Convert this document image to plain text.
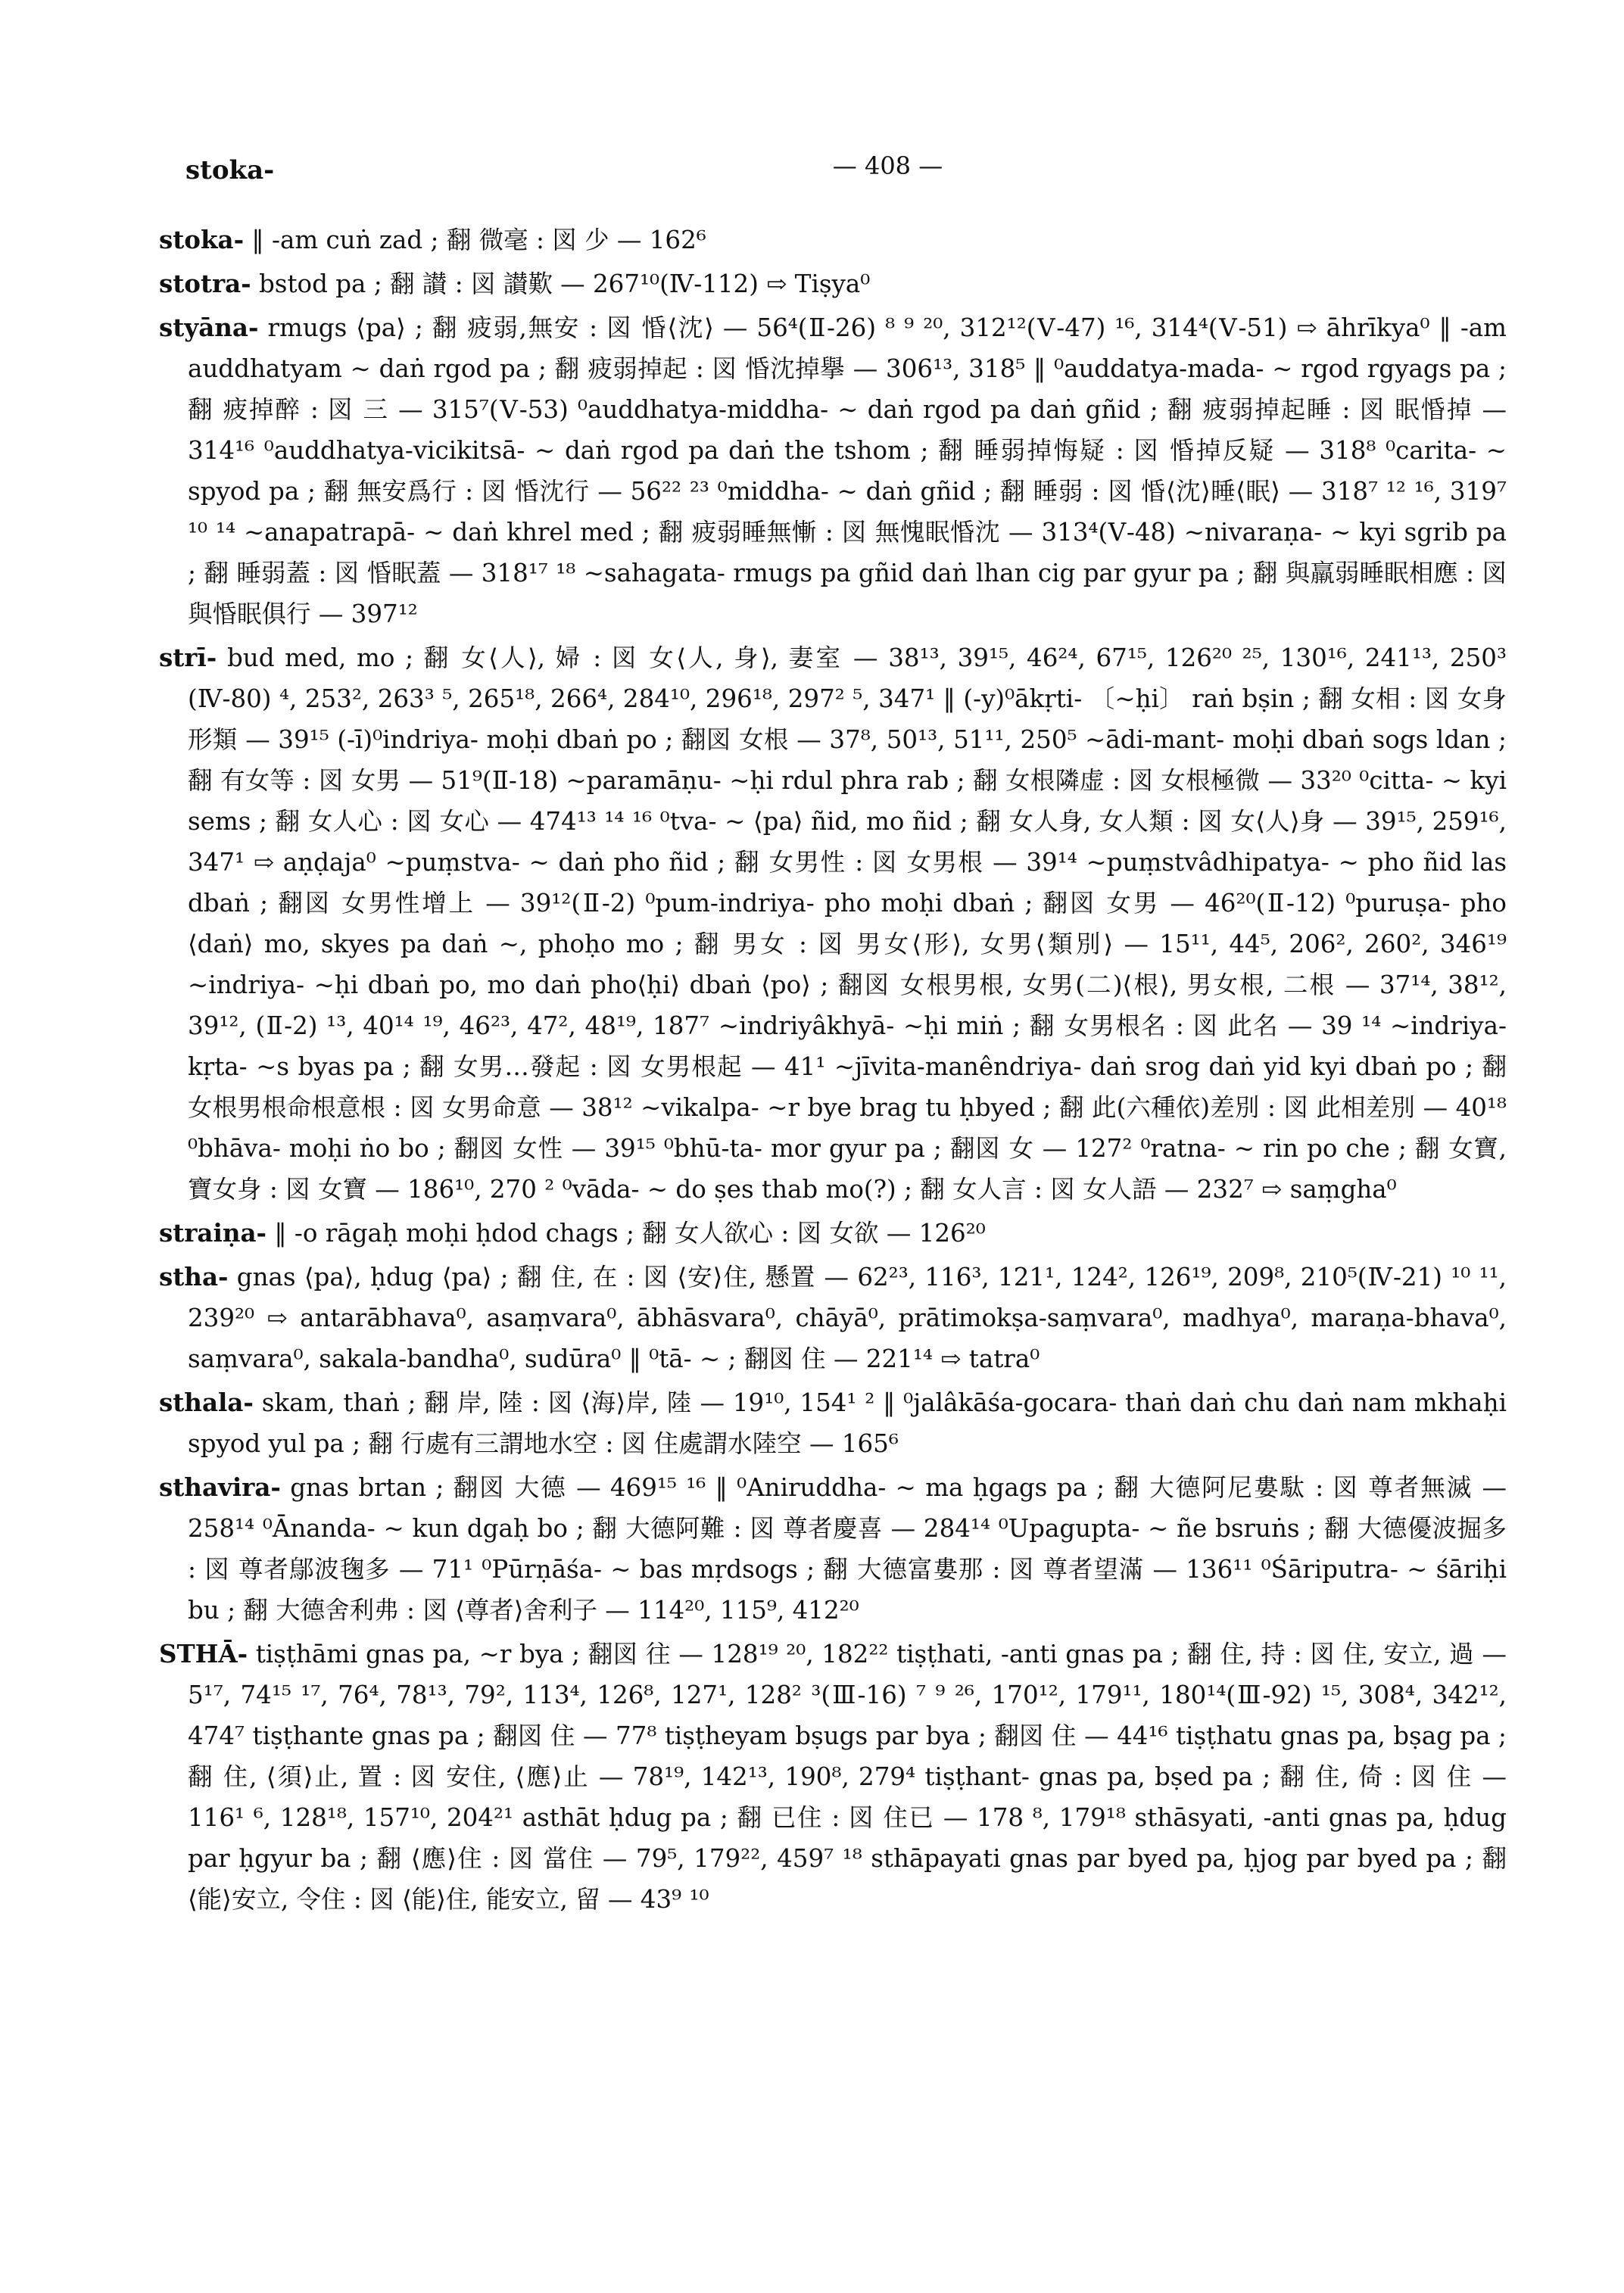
stoka-	— 408 —

stoka- ‖ -am cuṅ zad ; 翻 微毫 : 図 少 — 162⁶

stotra- bstod pa ; 翻 讃 : 図 讃歎 — 267¹⁰(Ⅳ-112) ⇨ Tiṣya⁰

styāna- rmugs ⟨pa⟩ ; 翻 疲弱,無安 : 図 惛⟨沈⟩ — 56⁴(Ⅱ-26) ⁸ ⁹ ²⁰, 312¹²(Ⅴ-47) ¹⁶, 314⁴(Ⅴ-51) ⇨ āhrīkya⁰ ‖ -am auddhatyam ∼ daṅ rgod pa ; 翻 疲弱掉起 : 図 惛沈掉擧 — 306¹³, 318⁵ ‖ ⁰auddatya-mada- ∼ rgod rgyags pa ; 翻 疲掉醉 : 図 三 — 315⁷(Ⅴ-53) ⁰auddhatya-middha- ∼ daṅ rgod pa daṅ gñid ; 翻 疲弱掉起睡 : 図 眠惛掉 — 314¹⁶ ⁰auddhatya-vicikitsā- ∼ daṅ rgod pa daṅ the tshom ; 翻 睡弱掉悔疑 : 図 惛掉反疑 — 318⁸ ⁰carita- ∼ spyod pa ; 翻 無安爲行 : 図 惛沈行 — 56²² ²³ ⁰middha- ∼ daṅ gñid ; 翻 睡弱 : 図 惛⟨沈⟩睡⟨眠⟩ — 318⁷ ¹² ¹⁶, 319⁷ ¹⁰ ¹⁴ ∼anapatrapā- ∼ daṅ khrel med ; 翻 疲弱睡無慚 : 図 無愧眠惛沈 — 313⁴(Ⅴ-48) ∼nivaraṇa- ∼ kyi sgrib pa ; 翻 睡弱蓋 : 図 惛眠蓋 — 318¹⁷ ¹⁸ ∼sahagata- rmugs pa gñid daṅ lhan cig par gyur pa ; 翻 與羸弱睡眠相應 : 図 與惛眠俱行 — 397¹²

strī- bud med, mo ; 翻 女⟨人⟩, 婦 : 図 女⟨人, 身⟩, 妻室 — 38¹³, 39¹⁵, 46²⁴, 67¹⁵, 126²⁰ ²⁵, 130¹⁶, 241¹³, 250³ (Ⅳ-80) ⁴, 253², 263³ ⁵, 265¹⁸, 266⁴, 284¹⁰, 296¹⁸, 297² ⁵, 347¹ ‖ (-y)⁰ākṛti- 〔∼ḥi〕 raṅ bṣin ; 翻 女相 : 図 女身形類 — 39¹⁵ (-ī)⁰indriya- moḥi dbaṅ po ; 翻図 女根 — 37⁸, 50¹³, 51¹¹, 250⁵ ∼ādi-mant- moḥi dbaṅ sogs ldan ; 翻 有女等 : 図 女男 — 51⁹(Ⅱ-18) ∼paramāṇu- ∼ḥi rdul phra rab ; 翻 女根隣虚 : 図 女根極微 — 33²⁰ ⁰citta- ∼ kyi sems ; 翻 女人心 : 図 女心 — 474¹³ ¹⁴ ¹⁶ ⁰tva- ∼ ⟨pa⟩ ñid, mo ñid ; 翻 女人身, 女人類 : 図 女⟨人⟩身 — 39¹⁵, 259¹⁶, 347¹ ⇨ aṇḍaja⁰ ∼puṃstva- ∼ daṅ pho ñid ; 翻 女男性 : 図 女男根 — 39¹⁴ ∼puṃstvâdhipatya- ∼ pho ñid las dbaṅ ; 翻図 女男性增上 — 39¹²(Ⅱ-2) ⁰pum-indriya- pho moḥi dbaṅ ; 翻図 女男 — 46²⁰(Ⅱ-12) ⁰puruṣa- pho ⟨daṅ⟩ mo, skyes pa daṅ ∼, phoḥo mo ; 翻 男女 : 図 男女⟨形⟩, 女男⟨類別⟩ — 15¹¹, 44⁵, 206², 260², 346¹⁹ ∼indriya- ∼ḥi dbaṅ po, mo daṅ pho⟨ḥi⟩ dbaṅ ⟨po⟩ ; 翻図 女根男根, 女男(二)⟨根⟩, 男女根, 二根 — 37¹⁴, 38¹², 39¹², (Ⅱ-2) ¹³, 40¹⁴ ¹⁹, 46²³, 47², 48¹⁹, 187⁷ ∼indriyâkhyā- ∼ḥi miṅ ; 翻 女男根名 : 図 此名 — 39 ¹⁴ ∼indriya-kṛta- ∼s byas pa ; 翻 女男…發起 : 図 女男根起 — 41¹ ∼jīvita-manêndriya- daṅ srog daṅ yid kyi dbaṅ po ; 翻 女根男根命根意根 : 図 女男命意 — 38¹² ∼vikalpa- ∼r bye brag tu ḥbyed ; 翻 此(六種依)差別 : 図 此相差別 — 40¹⁸ ⁰bhāva- moḥi ṅo bo ; 翻図 女性 — 39¹⁵ ⁰bhū-ta- mor gyur pa ; 翻図 女 — 127² ⁰ratna- ∼ rin po che ; 翻 女寶, 寶女身 : 図 女寶 — 186¹⁰, 270 ² ⁰vāda- ∼ do ṣes thab mo(?) ; 翻 女人言 : 図 女人語 — 232⁷ ⇨ saṃgha⁰

straiṇa- ‖ -o rāgaḥ moḥi ḥdod chags ; 翻 女人欲心 : 図 女欲 — 126²⁰

stha- gnas ⟨pa⟩, ḥdug ⟨pa⟩ ; 翻 住, 在 : 図 ⟨安⟩住, 懸置 — 62²³, 116³, 121¹, 124², 126¹⁹, 209⁸, 210⁵(Ⅳ-21) ¹⁰ ¹¹, 239²⁰ ⇨ antarābhava⁰, asaṃvara⁰, ābhāsvara⁰, chāyā⁰, prātimokṣa-saṃvara⁰, madhya⁰, maraṇa-bhava⁰, saṃvara⁰, sakala-bandha⁰, sudūra⁰ ‖ ⁰tā- ∼ ; 翻図 住 — 221¹⁴ ⇨ tatra⁰

sthala- skam, thaṅ ; 翻 岸, 陸 : 図 ⟨海⟩岸, 陸 — 19¹⁰, 154¹ ² ‖ ⁰jalâkāśa-gocara- thaṅ daṅ chu daṅ nam mkhaḥi spyod yul pa ; 翻 行處有三謂地水空 : 図 住處謂水陸空 — 165⁶

sthavira- gnas brtan ; 翻図 大德 — 469¹⁵ ¹⁶ ‖ ⁰Aniruddha- ∼ ma ḥgags pa ; 翻 大德阿尼婁駄 : 図 尊者無滅 — 258¹⁴ ⁰Ānanda- ∼ kun dgaḥ bo ; 翻 大德阿難 : 図 尊者慶喜 — 284¹⁴ ⁰Upagupta- ∼ ñe bsruṅs ; 翻 大德優波掘多 : 図 尊者鄔波毱多 — 71¹ ⁰Pūrṇāśa- ∼ bas mṛdsogs ; 翻 大德富婁那 : 図 尊者望滿 — 136¹¹ ⁰Śāriputra- ∼ śāriḥi bu ; 翻 大德舍利弗 : 図 ⟨尊者⟩舍利子 — 114²⁰, 115⁹, 412²⁰

STHĀ- tiṣṭhāmi gnas pa, ∼r bya ; 翻図 往 — 128¹⁹ ²⁰, 182²² tiṣṭhati, -anti gnas pa ; 翻 住, 持 : 図 住, 安立, 過 — 5¹⁷, 74¹⁵ ¹⁷, 76⁴, 78¹³, 79², 113⁴, 126⁸, 127¹, 128² ³(Ⅲ-16) ⁷ ⁹ ²⁶, 170¹², 179¹¹, 180¹⁴(Ⅲ-92) ¹⁵, 308⁴, 342¹², 474⁷ tiṣṭhante gnas pa ; 翻図 住 — 77⁸ tiṣṭheyam bṣugs par bya ; 翻図 住 — 44¹⁶ tiṣṭhatu gnas pa, bṣag pa ; 翻 住, ⟨須⟩止, 置 : 図 安住, ⟨應⟩止 — 78¹⁹, 142¹³, 190⁸, 279⁴ tiṣṭhant- gnas pa, bṣed pa ; 翻 住, 倚 : 図 住 — 116¹ ⁶, 128¹⁸, 157¹⁰, 204²¹ asthāt ḥdug pa ; 翻 已住 : 図 住已 — 178 ⁸, 179¹⁸ sthāsyati, -anti gnas pa, ḥdug par ḥgyur ba ; 翻 ⟨應⟩住 : 図 當住 — 79⁵, 179²², 459⁷ ¹⁸ sthāpayati gnas par byed pa, ḥjog par byed pa ; 翻 ⟨能⟩安立, 令住 : 図 ⟨能⟩住, 能安立, 留 — 43⁹ ¹⁰
